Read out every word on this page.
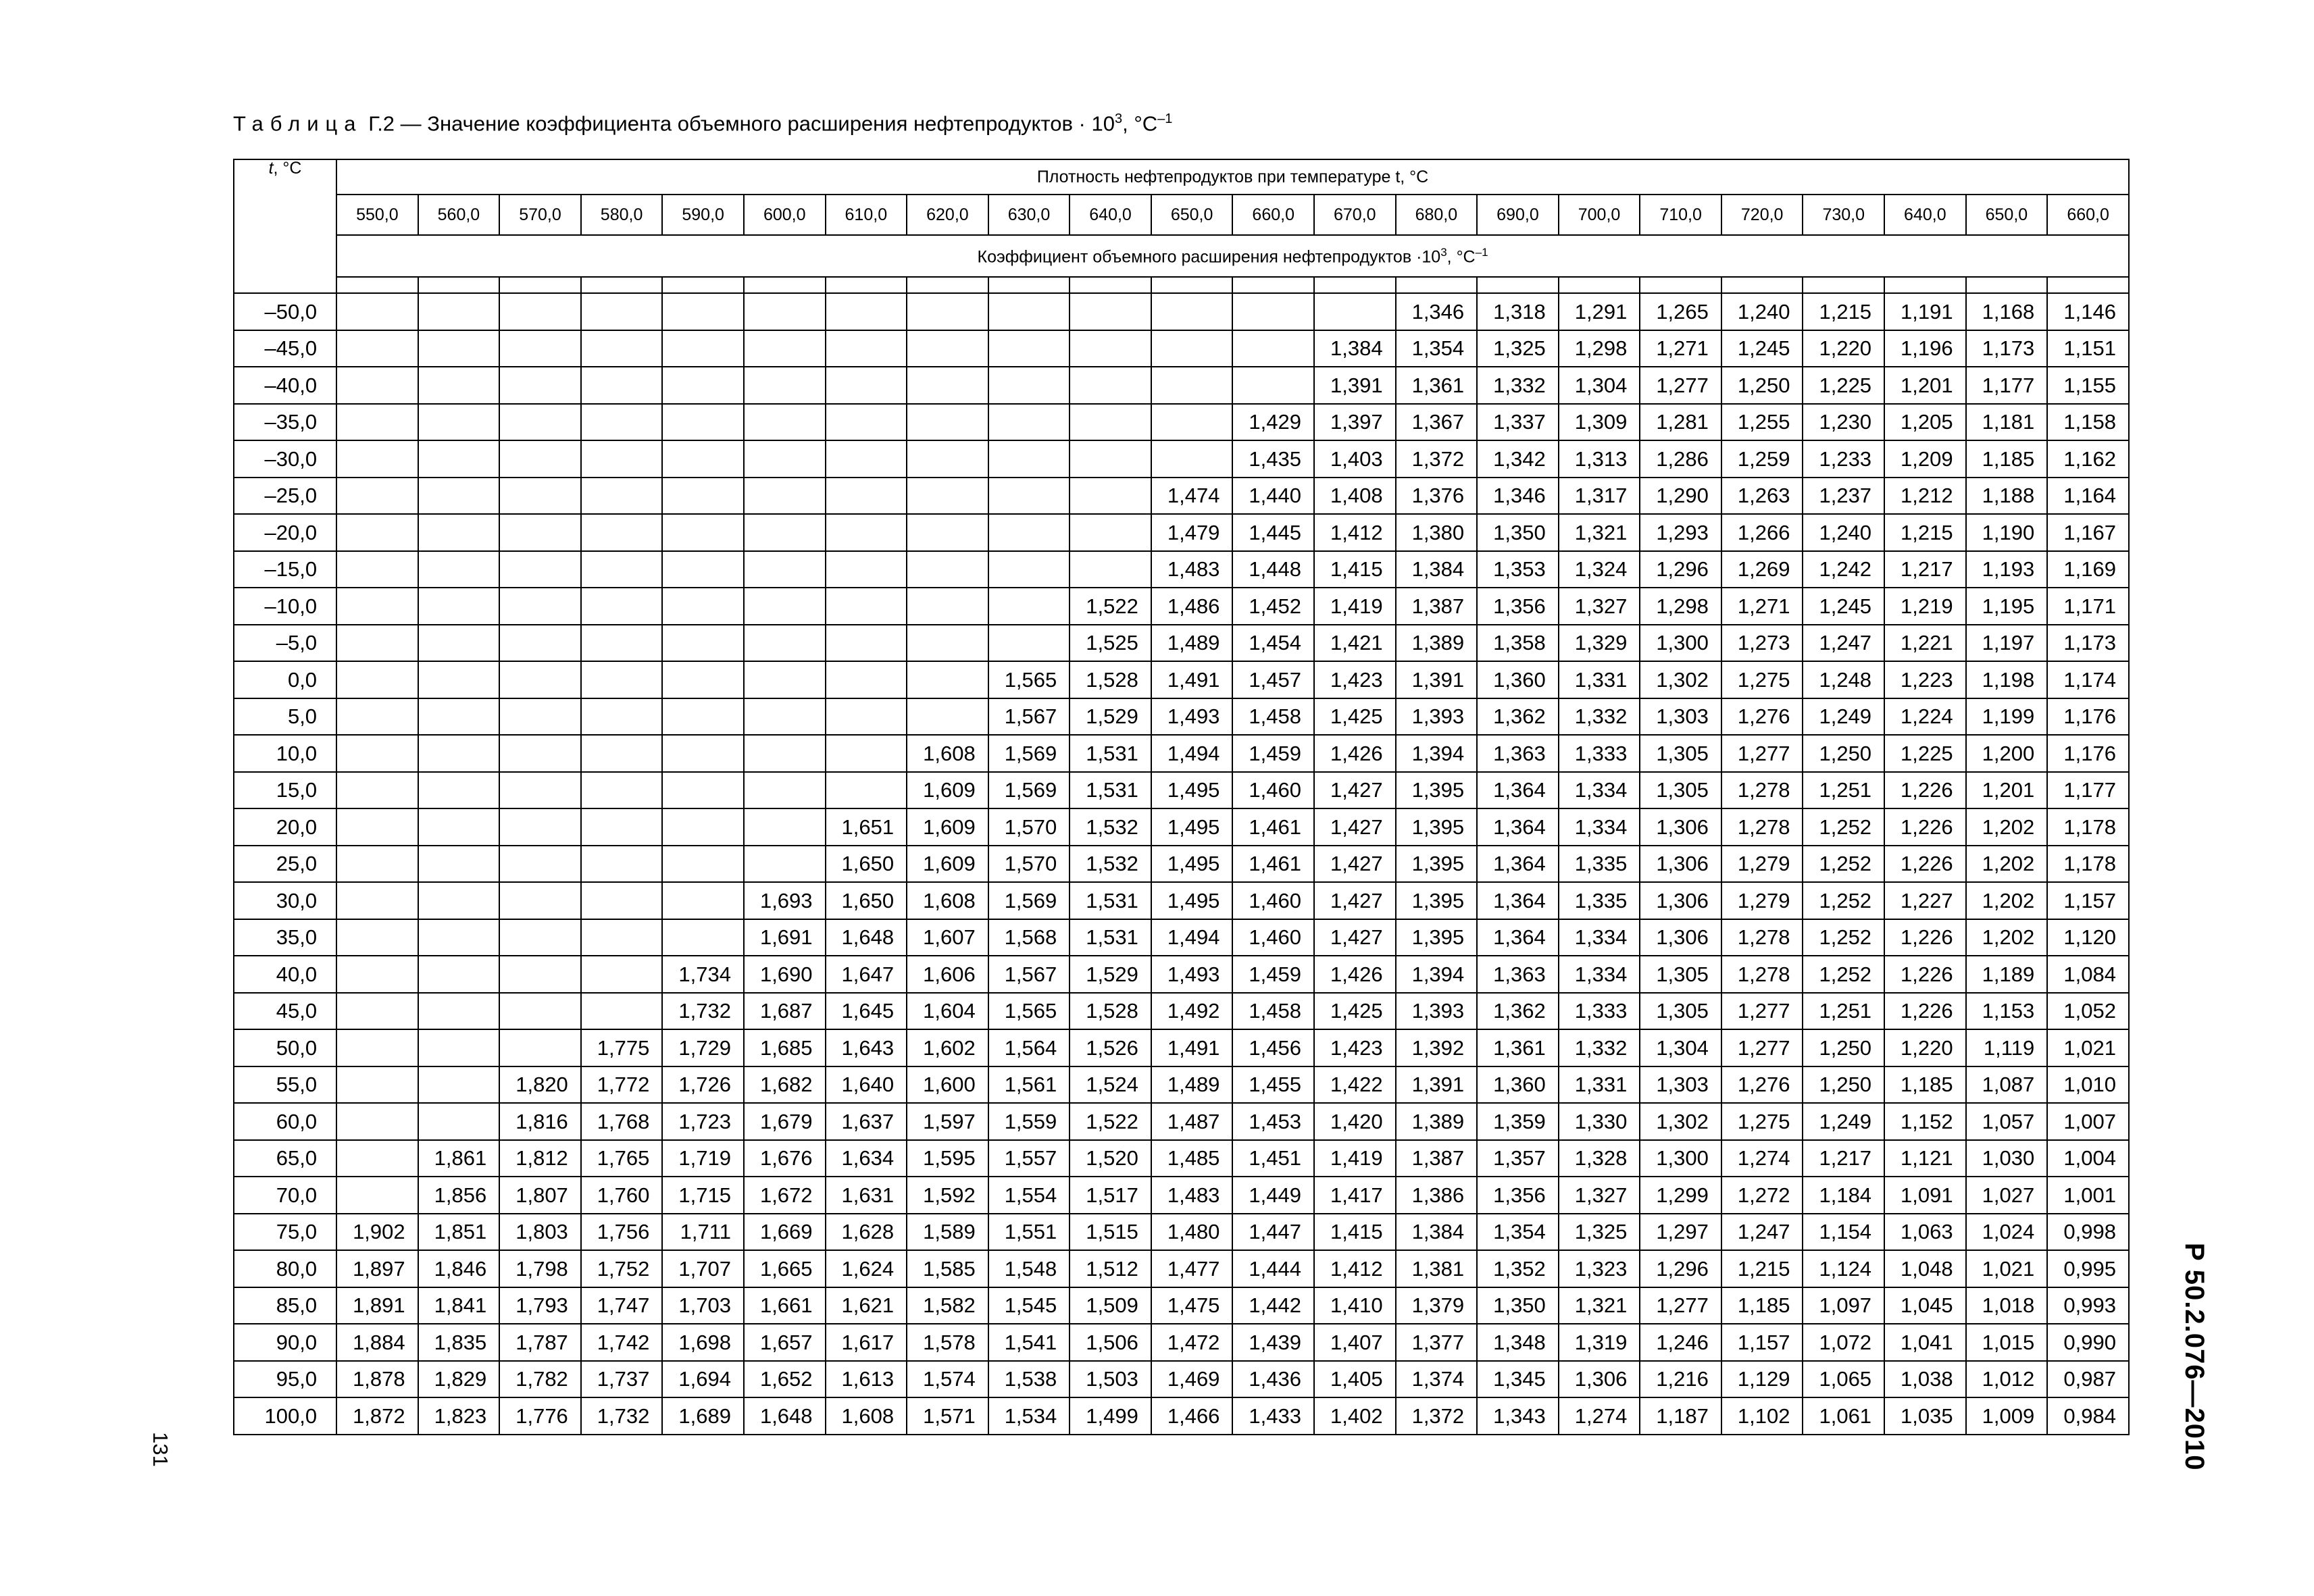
Таблица Г.2 — Значение коэффициента объемного расширения нефтепродуктов · $10^3$, $^\circ С^{-1}$
t, °С	Плотность нефтепродуктов при температуре t, °С																					
	550,0	560,0	570,0	580,0	590,0	600,0	610,0	620,0	630,0	640,0	650,0	660,0	670,0	680,0	690,0	700,0	710,0	720,0	730,0	640,0	650,0	660,0
	Коэффициент объемного расширения нефтепродуктов $\cdot 10^3$, $^\circ С^{-1}$

–50,0														1,346	1,318	1,291	1,265	1,240	1,215	1,191	1,168	1,146
–45,0													1,384	1,354	1,325	1,298	1,271	1,245	1,220	1,196	1,173	1,151
–40,0													1,391	1,361	1,332	1,304	1,277	1,250	1,225	1,201	1,177	1,155
–35,0												1,429	1,397	1,367	1,337	1,309	1,281	1,255	1,230	1,205	1,181	1,158
–30,0												1,435	1,403	1,372	1,342	1,313	1,286	1,259	1,233	1,209	1,185	1,162
–25,0											1,474	1,440	1,408	1,376	1,346	1,317	1,290	1,263	1,237	1,212	1,188	1,164
–20,0											1,479	1,445	1,412	1,380	1,350	1,321	1,293	1,266	1,240	1,215	1,190	1,167
–15,0											1,483	1,448	1,415	1,384	1,353	1,324	1,296	1,269	1,242	1,217	1,193	1,169
–10,0										1,522	1,486	1,452	1,419	1,387	1,356	1,327	1,298	1,271	1,245	1,219	1,195	1,171
–5,0										1,525	1,489	1,454	1,421	1,389	1,358	1,329	1,300	1,273	1,247	1,221	1,197	1,173
0,0									1,565	1,528	1,491	1,457	1,423	1,391	1,360	1,331	1,302	1,275	1,248	1,223	1,198	1,174
5,0									1,567	1,529	1,493	1,458	1,425	1,393	1,362	1,332	1,303	1,276	1,249	1,224	1,199	1,176
10,0								1,608	1,569	1,531	1,494	1,459	1,426	1,394	1,363	1,333	1,305	1,277	1,250	1,225	1,200	1,176
15,0								1,609	1,569	1,531	1,495	1,460	1,427	1,395	1,364	1,334	1,305	1,278	1,251	1,226	1,201	1,177
20,0							1,651	1,609	1,570	1,532	1,495	1,461	1,427	1,395	1,364	1,334	1,306	1,278	1,252	1,226	1,202	1,178
25,0							1,650	1,609	1,570	1,532	1,495	1,461	1,427	1,395	1,364	1,335	1,306	1,279	1,252	1,226	1,202	1,178
30,0						1,693	1,650	1,608	1,569	1,531	1,495	1,460	1,427	1,395	1,364	1,335	1,306	1,279	1,252	1,227	1,202	1,157
35,0						1,691	1,648	1,607	1,568	1,531	1,494	1,460	1,427	1,395	1,364	1,334	1,306	1,278	1,252	1,226	1,202	1,120
40,0					1,734	1,690	1,647	1,606	1,567	1,529	1,493	1,459	1,426	1,394	1,363	1,334	1,305	1,278	1,252	1,226	1,189	1,084
45,0					1,732	1,687	1,645	1,604	1,565	1,528	1,492	1,458	1,425	1,393	1,362	1,333	1,305	1,277	1,251	1,226	1,153	1,052
50,0				1,775	1,729	1,685	1,643	1,602	1,564	1,526	1,491	1,456	1,423	1,392	1,361	1,332	1,304	1,277	1,250	1,220	1,119	1,021
55,0			1,820	1,772	1,726	1,682	1,640	1,600	1,561	1,524	1,489	1,455	1,422	1,391	1,360	1,331	1,303	1,276	1,250	1,185	1,087	1,010
60,0			1,816	1,768	1,723	1,679	1,637	1,597	1,559	1,522	1,487	1,453	1,420	1,389	1,359	1,330	1,302	1,275	1,249	1,152	1,057	1,007
65,0		1,861	1,812	1,765	1,719	1,676	1,634	1,595	1,557	1,520	1,485	1,451	1,419	1,387	1,357	1,328	1,300	1,274	1,217	1,121	1,030	1,004
70,0		1,856	1,807	1,760	1,715	1,672	1,631	1,592	1,554	1,517	1,483	1,449	1,417	1,386	1,356	1,327	1,299	1,272	1,184	1,091	1,027	1,001
75,0	1,902	1,851	1,803	1,756	1,711	1,669	1,628	1,589	1,551	1,515	1,480	1,447	1,415	1,384	1,354	1,325	1,297	1,247	1,154	1,063	1,024	0,998
80,0	1,897	1,846	1,798	1,752	1,707	1,665	1,624	1,585	1,548	1,512	1,477	1,444	1,412	1,381	1,352	1,323	1,296	1,215	1,124	1,048	1,021	0,995
85,0	1,891	1,841	1,793	1,747	1,703	1,661	1,621	1,582	1,545	1,509	1,475	1,442	1,410	1,379	1,350	1,321	1,277	1,185	1,097	1,045	1,018	0,993
90,0	1,884	1,835	1,787	1,742	1,698	1,657	1,617	1,578	1,541	1,506	1,472	1,439	1,407	1,377	1,348	1,319	1,246	1,157	1,072	1,041	1,015	0,990
95,0	1,878	1,829	1,782	1,737	1,694	1,652	1,613	1,574	1,538	1,503	1,469	1,436	1,405	1,374	1,345	1,306	1,216	1,129	1,065	1,038	1,012	0,987
100,0	1,872	1,823	1,776	1,732	1,689	1,648	1,608	1,571	1,534	1,499	1,466	1,433	1,402	1,372	1,343	1,274	1,187	1,102	1,061	1,035	1,009	0,984
131	Р 50.2.076—2010
